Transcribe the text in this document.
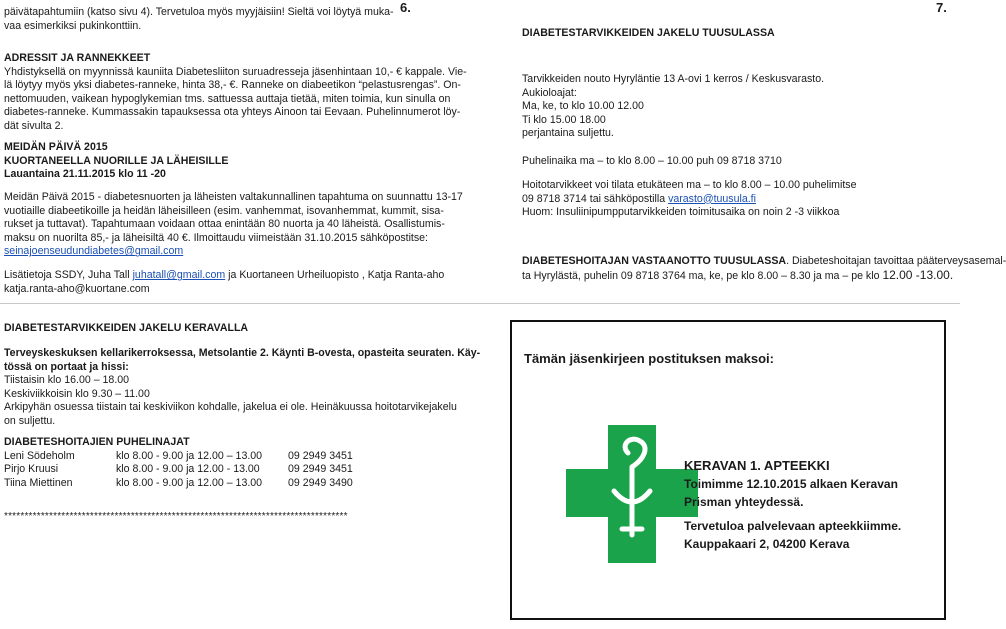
päivätapahtumiin (katso sivu 4). Tervetuloa myös myyjäisiin! Sieltä voi löytyä muka-
vaa esimerkiksi pukinkonttiin.
6.
ADRESSIT JA RANNEKKEET
Yhdistyksellä on myynnissä kauniita Diabetesliiton suruadresseja jäsenhintaan 10,- € kappale. Vie-
lä löytyy myös yksi diabetes-ranneke, hinta 38,- €. Ranneke on diabeetikon “pelastusrengas”. On-
nettomuuden, vaikean hypoglykemian tms. sattuessa auttaja tietää, miten toimia, kun sinulla on
diabetes-ranneke. Kummassakin tapauksessa ota yhteys Ainoon tai Eevaan. Puhelinnumerot löy-
dät sivulta 2.
MEIDÄN PÄIVÄ 2015
KUORTANEELLA NUORILLE JA LÄHEISILLE
Lauantaina 21.11.2015 klo 11 -20
Meidän Päivä 2015 - diabetesnuorten ja läheisten valtakunnallinen tapahtuma on suunnattu 13-17
vuotiaille diabeetikoille ja heidän läheisilleen (esim. vanhemmat, isovanhemmat, kummit, sisa-
rukset ja tuttavat). Tapahtumaan voidaan ottaa enintään 80 nuorta ja 40 läheistä. Osallistumis-
maksu on nuorilta 85,- ja läheisiltä 40 €. Ilmoittaudu viimeistään 31.10.2015 sähköpostitse:
seinajoenseudundiabetes@gmail.com
Lisätietoja SSDY, Juha Tall juhatall@gmail.com ja Kuortaneen Urheiluopisto , Katja Ranta-aho
katja.ranta-aho@kuortane.com
7.
DIABETESTARVIKKEIDEN JAKELU TUUSULASSA
Tarvikkeiden nouto Hyryläntie 13 A-ovi 1 kerros / Keskusvarasto.
Aukioloajat:
Ma, ke, to klo 10.00 12.00
Ti klo 15.00 18.00
perjantaina suljettu.
Puhelinaika ma – to klo 8.00 – 10.00 puh 09 8718 3710
Hoitotarvikkeet voi tilata etukäteen ma – to klo 8.00 – 10.00 puhelimitse
09 8718 3714 tai sähköpostilla varasto@tuusula.fi
Huom: Insuliinipumpputarvikkeiden toimitusaika on noin 2 -3 viikkoa
DIABETESHOITAJAN VASTAANOTTO TUUSULASSA. Diabeteshoitajan tavoittaa pääterveysasemal-
ta Hyrylästä, puhelin 09 8718 3764 ma, ke, pe klo 8.00 – 8.30 ja ma – pe klo 12.00 -13.00.
DIABETESTARVIKKEIDEN JAKELU KERAVALLA
Terveyskeskuksen kellarikerroksessa, Metsolantie 2. Käynti B-ovesta, opasteita seuraten. Käy-
tössä on portaat ja hissi:
Tiistaisin klo 16.00 – 18.00
Keskiviikkoisin klo 9.30 – 11.00
Arkipyhän osuessa tiistain tai keskiviikon kohdalle, jakelua ei ole. Heinäkuussa hoitotarvikejakelu
on suljettu.
DIABETESHOITAJIEN PUHELINAJAT
Leni Södeholm	klo 8.00 - 9.00 ja 12.00 – 13.00 09 2949 3451
Pirjo Kruusi	klo 8.00 - 9.00 ja 12.00 - 13.00	09 2949 3451
Tiina Miettinen	klo 8.00 - 9.00 ja 12.00 – 13.00 09 2949 3490
************************************************************************************
Tämän jäsenkirjeen postituksen maksoi:
KERAVAN 1. APTEEKKI
Toimimme 12.10.2015 alkaen Keravan
Prisman yhteydessä.
Tervetuloa palvelevaan apteekkiimme.
Kauppakaari 2, 04200 Kerava
